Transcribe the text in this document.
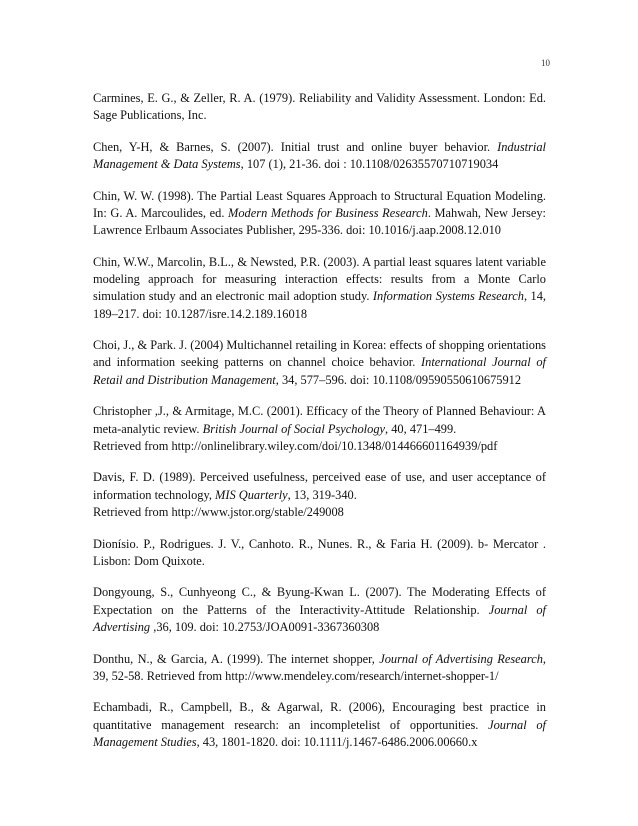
10

Carmines, E. G., & Zeller, R. A. (1979). Reliability and Validity Assessment. London: Ed. Sage Publications, Inc.

Chen, Y-H, & Barnes, S. (2007). Initial trust and online buyer behavior. Industrial Management & Data Systems, 107 (1), 21-36. doi : 10.1108/02635570710719034

Chin, W. W. (1998). The Partial Least Squares Approach to Structural Equation Modeling. In: G. A. Marcoulides, ed. Modern Methods for Business Research. Mahwah, New Jersey: Lawrence Erlbaum Associates Publisher, 295-336. doi: 10.1016/j.aap.2008.12.010

Chin, W.W., Marcolin, B.L., & Newsted, P.R. (2003). A partial least squares latent variable modeling approach for measuring interaction effects: results from a Monte Carlo simulation study and an electronic mail adoption study. Information Systems Research, 14, 189–217. doi: 10.1287/isre.14.2.189.16018

Choi, J., & Park. J. (2004) Multichannel retailing in Korea: effects of shopping orientations and information seeking patterns on channel choice behavior. International Journal of Retail and Distribution Management, 34, 577–596. doi: 10.1108/09590550610675912

Christopher ,J., & Armitage, M.C. (2001). Efficacy of the Theory of Planned Behaviour: A meta-analytic review. British Journal of Social Psychology, 40, 471–499.
Retrieved from http://onlinelibrary.wiley.com/doi/10.1348/014466601164939/pdf

Davis, F. D. (1989). Perceived usefulness, perceived ease of use, and user acceptance of information technology, MIS Quarterly, 13, 319-340.
Retrieved from http://www.jstor.org/stable/249008

Dionísio. P., Rodrigues. J. V., Canhoto. R., Nunes. R., & Faria H. (2009). b- Mercator . Lisbon: Dom Quixote.

Dongyoung, S., Cunhyeong C., & Byung-Kwan L. (2007). The Moderating Effects of Expectation on the Patterns of the Interactivity-Attitude Relationship. Journal of Advertising ,36, 109. doi: 10.2753/JOA0091-3367360308

Donthu, N., & Garcia, A. (1999). The internet shopper, Journal of Advertising Research, 39, 52-58. Retrieved from http://www.mendeley.com/research/internet-shopper-1/

Echambadi, R., Campbell, B., & Agarwal, R. (2006), Encouraging best practice in quantitative management research: an incompletelist of opportunities. Journal of Management Studies, 43, 1801-1820. doi: 10.1111/j.1467-6486.2006.00660.x
